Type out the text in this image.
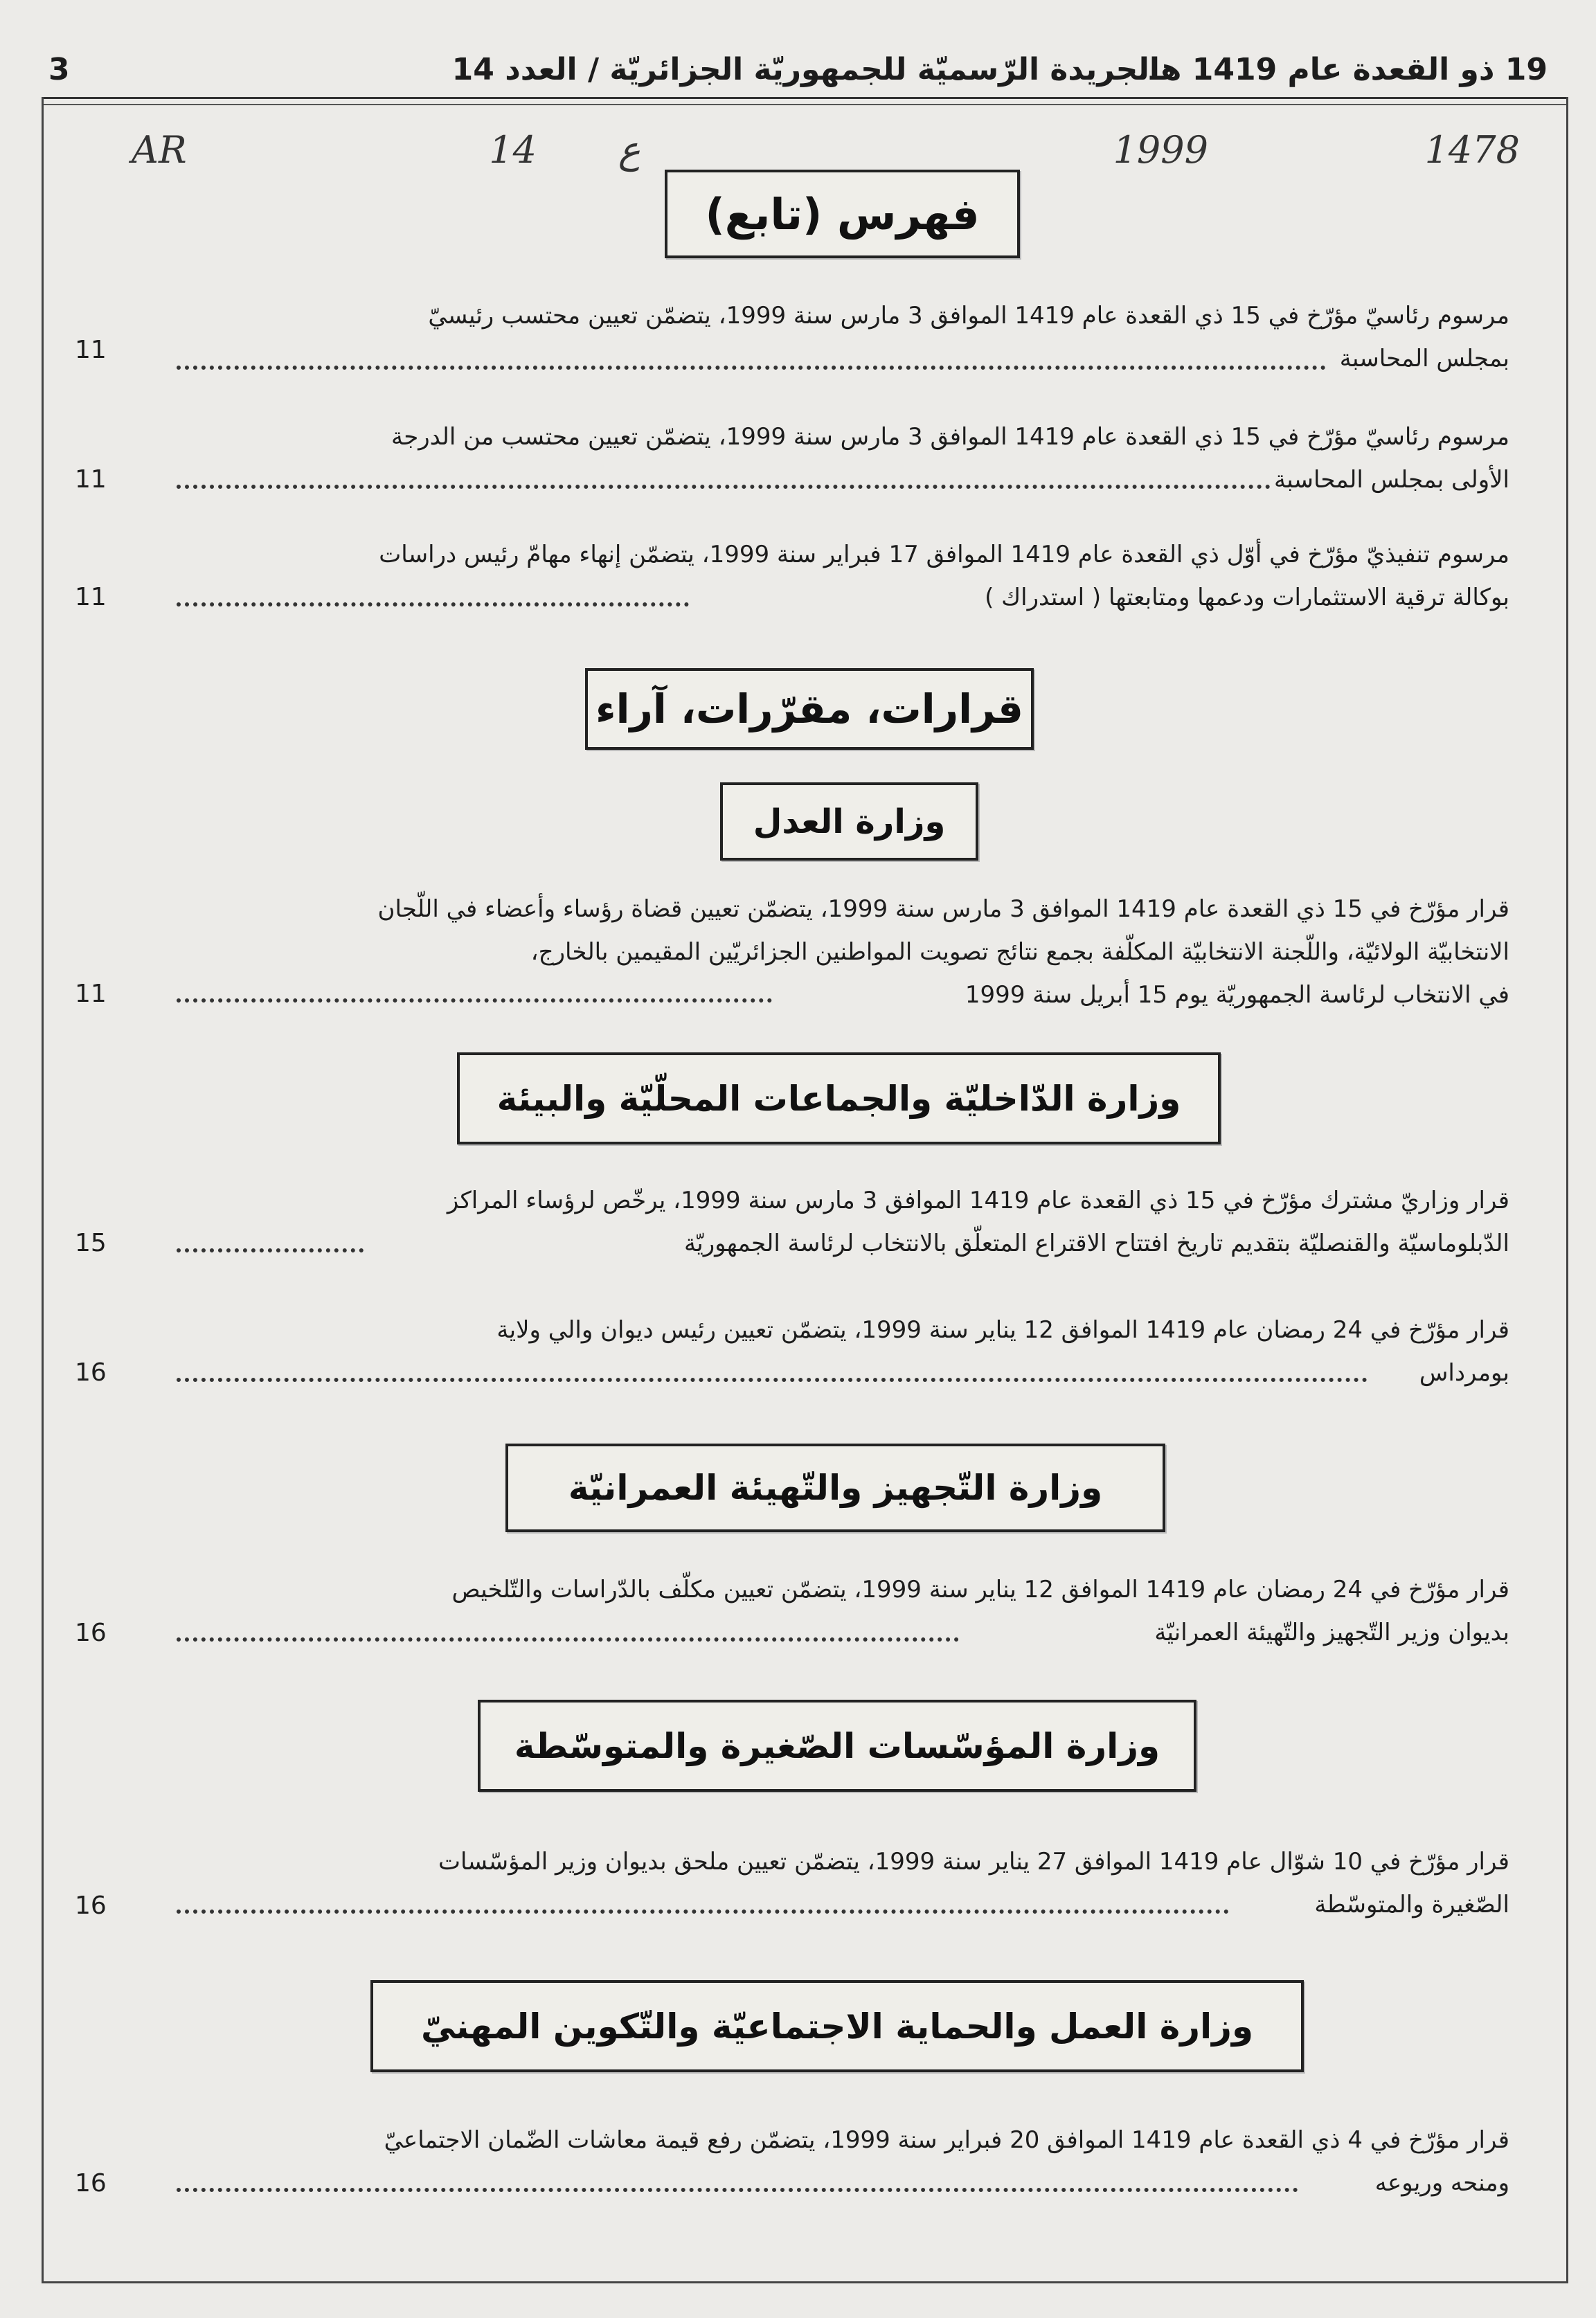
19 ذو القعدة عام 1419 هـ
الجريدة الرّسميّة للجمهوريّة الجزائريّة / العدد 14
3
1478
1999
ع
14
AR
فهرس (تابع)
مرسوم رئاسيّ مؤرّخ في 15 ذي القعدة عام 1419 الموافق 3 مارس سنة 1999، يتضمّن تعيين محتسب رئيسيّ
بمجلس المحاسبة
11
مرسوم رئاسيّ مؤرّخ في 15 ذي القعدة عام 1419 الموافق 3 مارس سنة 1999، يتضمّن تعيين محتسب من الدرجة
الأولى بمجلس المحاسبة
11
مرسوم تنفيذيّ مؤرّخ في أوّل ذي القعدة عام 1419 الموافق 17 فبراير سنة 1999، يتضمّن إنهاء مهامّ رئيس دراسات
بوكالة ترقية الاستثمارات ودعمها ومتابعتها ( استدراك )
11
قرارات، مقرّرات، آراء
وزارة العدل
قرار مؤرّخ في 15 ذي القعدة عام 1419 الموافق 3 مارس سنة 1999، يتضمّن تعيين قضاة رؤساء وأعضاء في اللّجان
الانتخابيّة الولائيّة، واللّجنة الانتخابيّة المكلّفة بجمع نتائج تصويت المواطنين الجزائريّين المقيمين بالخارج،
في الانتخاب لرئاسة الجمهوريّة يوم 15 أبريل سنة 1999
11
وزارة الدّاخليّة والجماعات المحلّيّة والبيئة
قرار وزاريّ مشترك مؤرّخ في 15 ذي القعدة عام 1419 الموافق 3 مارس سنة 1999، يرخّص لرؤساء المراكز
الدّبلوماسيّة والقنصليّة بتقديم تاريخ افتتاح الاقتراع المتعلّق بالانتخاب لرئاسة الجمهوريّة
15
قرار مؤرّخ في 24 رمضان عام 1419 الموافق 12 يناير سنة 1999، يتضمّن تعيين رئيس ديوان والي ولاية
بومرداس
16
وزارة التّجهيز والتّهيئة العمرانيّة
قرار مؤرّخ في 24 رمضان عام 1419 الموافق 12 يناير سنة 1999، يتضمّن تعيين مكلّف بالدّراسات والتّلخيص
بديوان وزير التّجهيز والتّهيئة العمرانيّة
16
وزارة المؤسّسات الصّغيرة والمتوسّطة
قرار مؤرّخ في 10 شوّال عام 1419 الموافق 27 يناير سنة 1999، يتضمّن تعيين ملحق بديوان وزير المؤسّسات
الصّغيرة والمتوسّطة
16
وزارة العمل والحماية الاجتماعيّة والتّكوين المهنيّ
قرار مؤرّخ في 4 ذي القعدة عام 1419 الموافق 20 فبراير سنة 1999، يتضمّن رفع قيمة معاشات الضّمان الاجتماعيّ
ومنحه وريوعه
16
